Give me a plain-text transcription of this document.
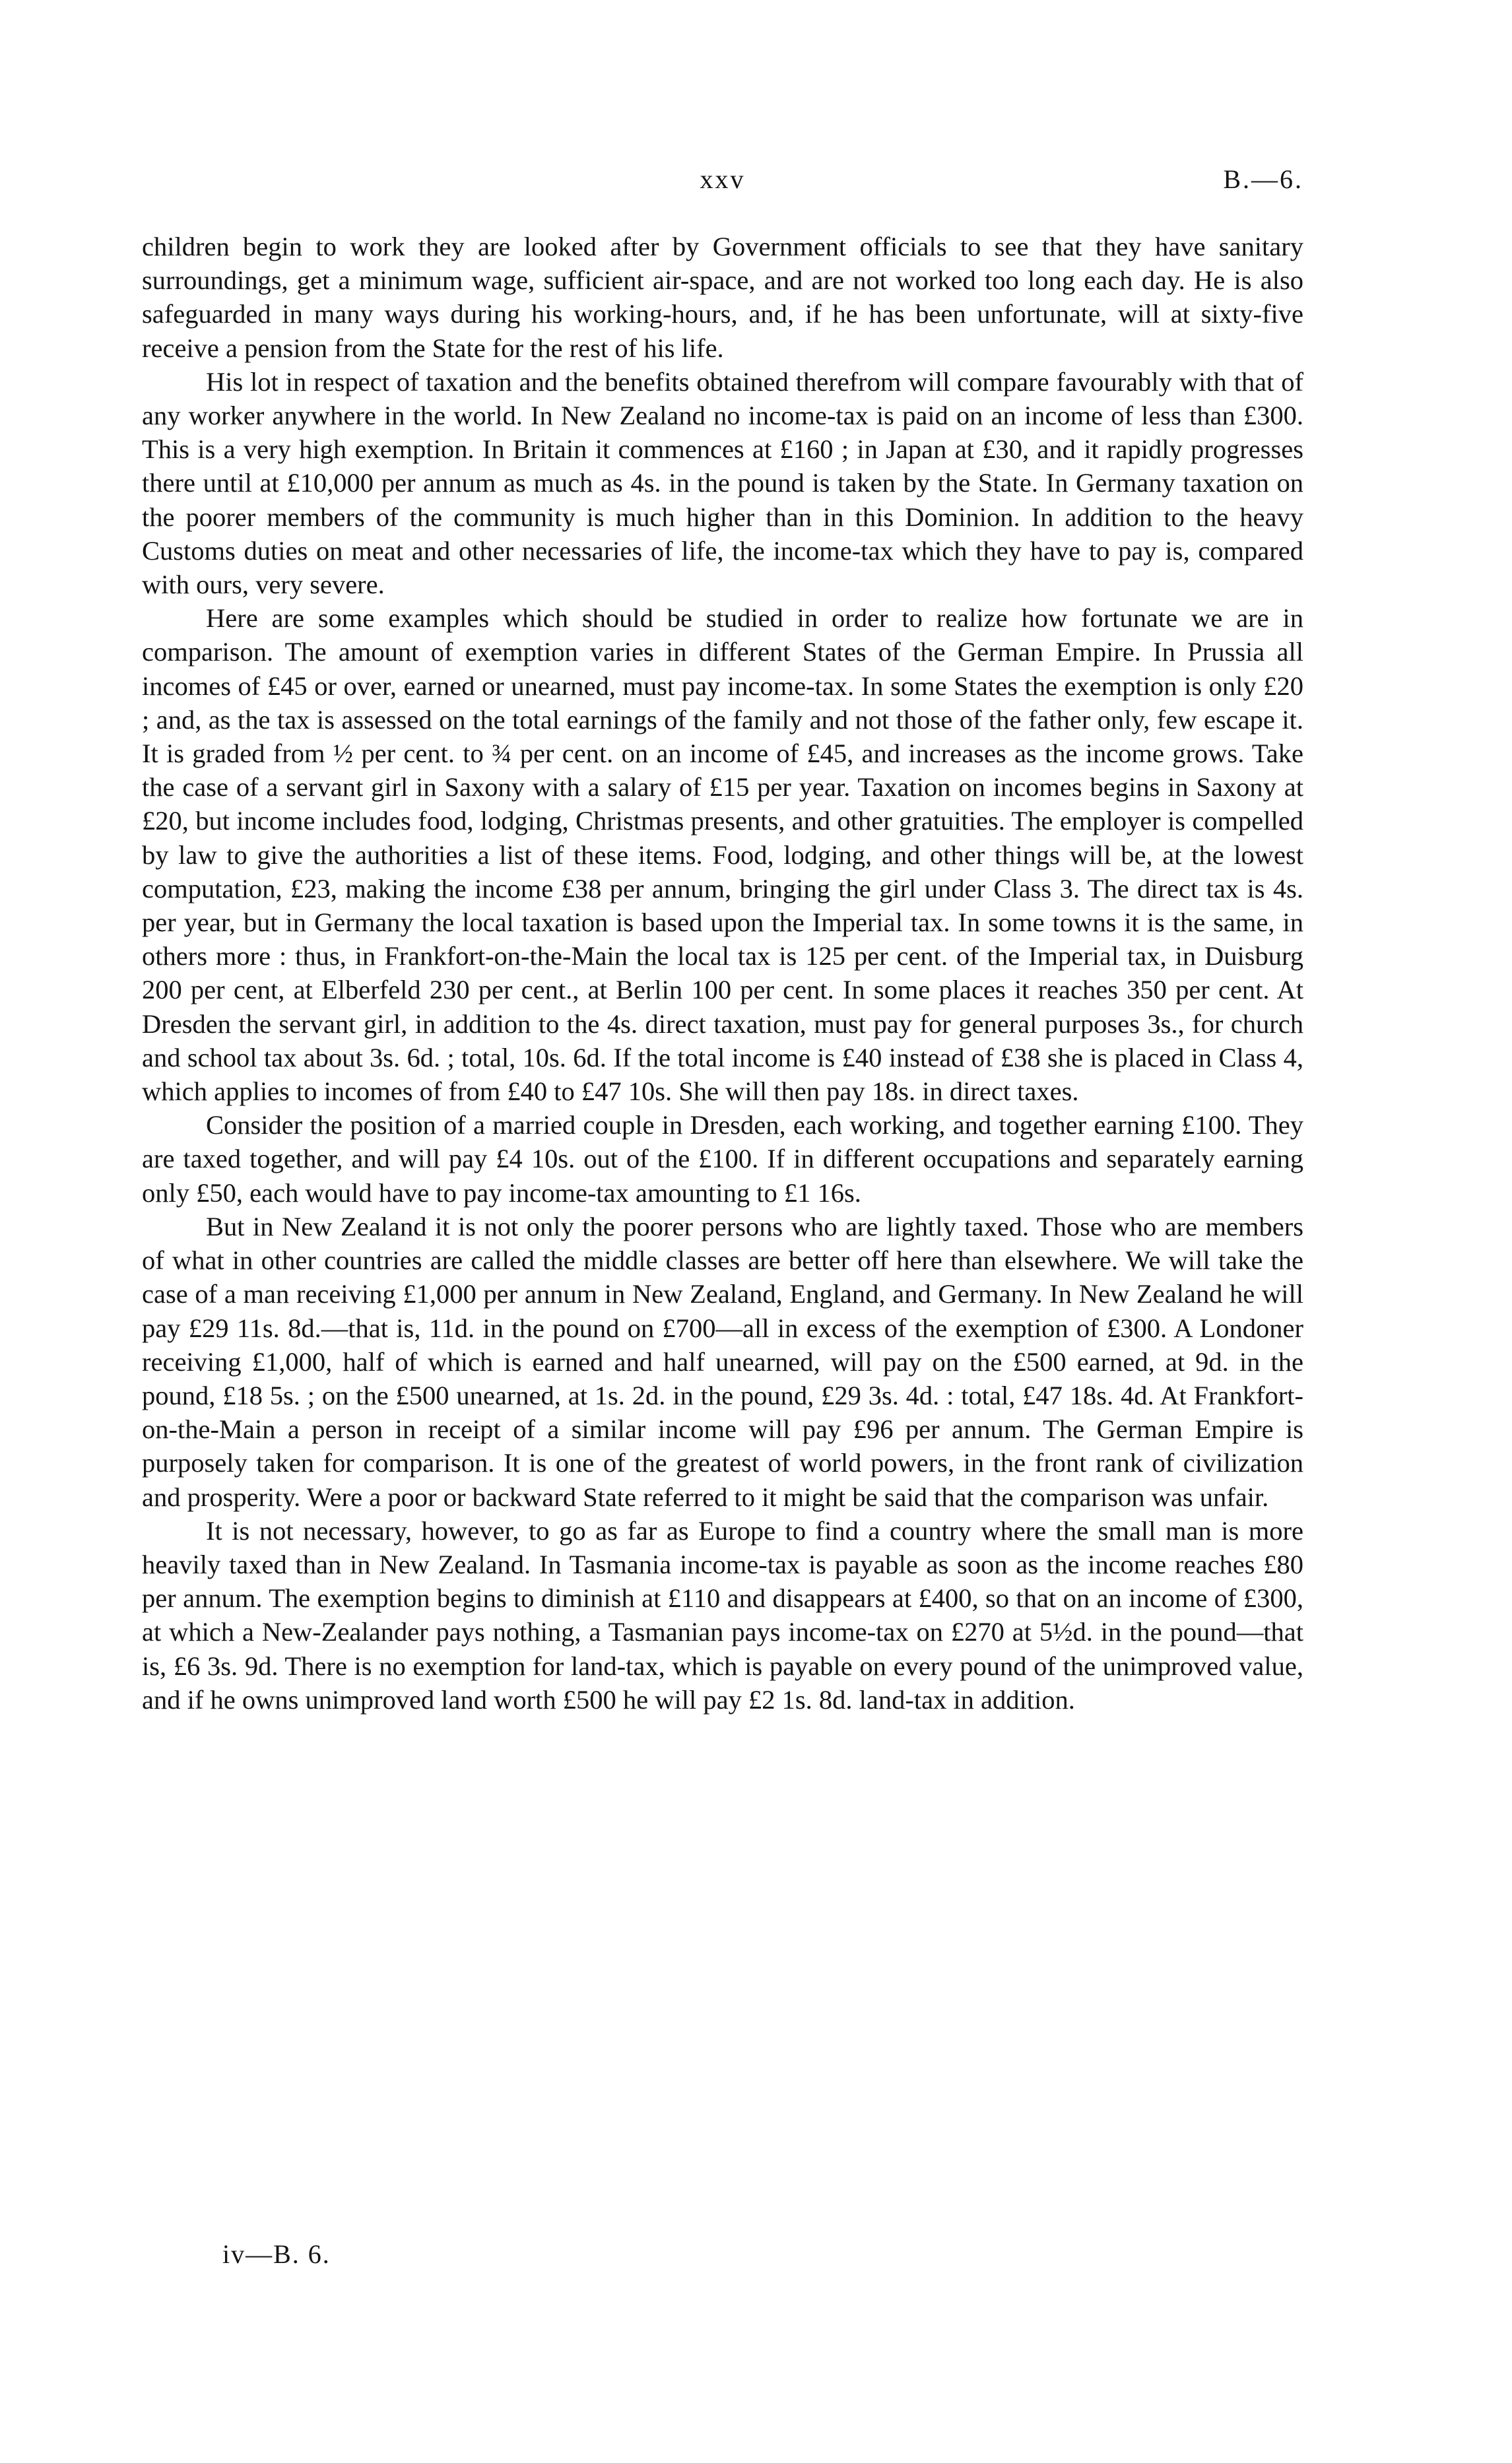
xxv	B.—6.

children begin to work they are looked after by Government officials to see that they have sanitary surroundings, get a minimum wage, sufficient air-space, and are not worked too long each day. He is also safeguarded in many ways during his working-hours, and, if he has been unfortunate, will at sixty-five receive a pension from the State for the rest of his life.

His lot in respect of taxation and the benefits obtained therefrom will compare favourably with that of any worker anywhere in the world. In New Zealand no income-tax is paid on an income of less than £300. This is a very high exemption. In Britain it commences at £160 ; in Japan at £30, and it rapidly progresses there until at £10,000 per annum as much as 4s. in the pound is taken by the State. In Germany taxation on the poorer members of the community is much higher than in this Dominion. In addition to the heavy Customs duties on meat and other necessaries of life, the income-tax which they have to pay is, compared with ours, very severe.

Here are some examples which should be studied in order to realize how fortunate we are in comparison. The amount of exemption varies in different States of the German Empire. In Prussia all incomes of £45 or over, earned or unearned, must pay income-tax. In some States the exemption is only £20 ; and, as the tax is assessed on the total earnings of the family and not those of the father only, few escape it. It is graded from ½ per cent. to ¾ per cent. on an income of £45, and increases as the income grows. Take the case of a servant girl in Saxony with a salary of £15 per year. Taxation on incomes begins in Saxony at £20, but income includes food, lodging, Christmas presents, and other gratuities. The employer is compelled by law to give the authorities a list of these items. Food, lodging, and other things will be, at the lowest computation, £23, making the income £38 per annum, bringing the girl under Class 3. The direct tax is 4s. per year, but in Germany the local taxation is based upon the Imperial tax. In some towns it is the same, in others more : thus, in Frankfort-on-the-Main the local tax is 125 per cent. of the Imperial tax, in Duisburg 200 per cent, at Elberfeld 230 per cent., at Berlin 100 per cent. In some places it reaches 350 per cent. At Dresden the servant girl, in addition to the 4s. direct taxation, must pay for general purposes 3s., for church and school tax about 3s. 6d. ; total, 10s. 6d. If the total income is £40 instead of £38 she is placed in Class 4, which applies to incomes of from £40 to £47 10s. She will then pay 18s. in direct taxes.

Consider the position of a married couple in Dresden, each working, and together earning £100. They are taxed together, and will pay £4 10s. out of the £100. If in different occupations and separately earning only £50, each would have to pay income-tax amounting to £1 16s.

But in New Zealand it is not only the poorer persons who are lightly taxed. Those who are members of what in other countries are called the middle classes are better off here than elsewhere. We will take the case of a man receiving £1,000 per annum in New Zealand, England, and Germany. In New Zealand he will pay £29 11s. 8d.—that is, 11d. in the pound on £700—all in excess of the exemption of £300. A Londoner receiving £1,000, half of which is earned and half unearned, will pay on the £500 earned, at 9d. in the pound, £18 5s. ; on the £500 unearned, at 1s. 2d. in the pound, £29 3s. 4d. : total, £47 18s. 4d. At Frankfort-on-the-Main a person in receipt of a similar income will pay £96 per annum. The German Empire is purposely taken for comparison. It is one of the greatest of world powers, in the front rank of civilization and prosperity. Were a poor or backward State referred to it might be said that the comparison was unfair.

It is not necessary, however, to go as far as Europe to find a country where the small man is more heavily taxed than in New Zealand. In Tasmania income-tax is payable as soon as the income reaches £80 per annum. The exemption begins to diminish at £110 and disappears at £400, so that on an income of £300, at which a New-Zealander pays nothing, a Tasmanian pays income-tax on £270 at 5½d. in the pound—that is, £6 3s. 9d. There is no exemption for land-tax, which is payable on every pound of the unimproved value, and if he owns unimproved land worth £500 he will pay £2 1s. 8d. land-tax in addition.

iv—B. 6.
